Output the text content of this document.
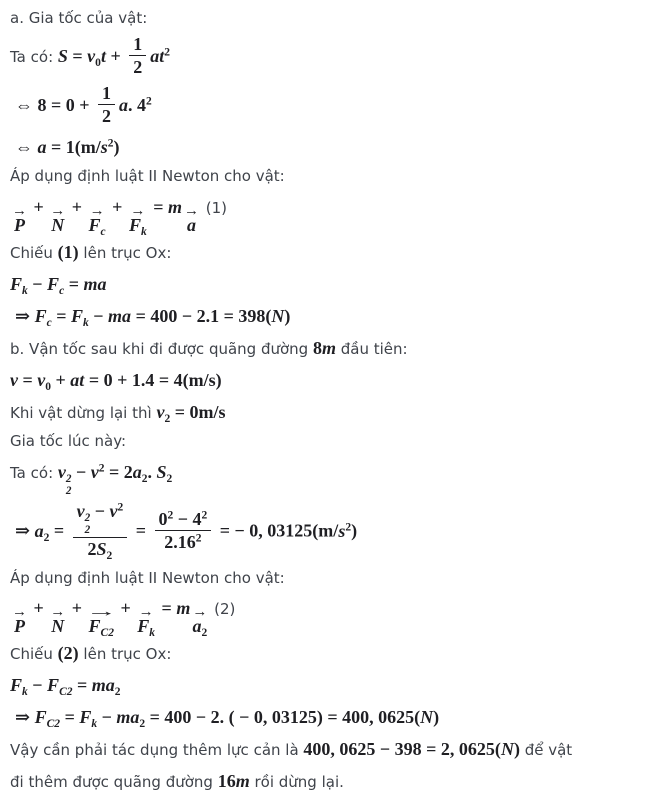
a. Gia tốc của vật:
Ta có: $S = v_0t + \frac{1}{2} at^2$
⇔ $8 = 0 + \frac{1}{2} a$. $4^2$
⇔ $a = 1(m/s^2)$
Áp dụng định luật II Newton cho vật:
→
P
+ →
N
+ →
$F_c$
+ →
$F_k$
= m →
a
(1)
Chiếu (1) lên trục Ox:
$F_k - F_c$ = ma
⇒ $F_c = F_k$ − ma = 400 − 2.1 = 398(N)
b. Vận tốc sau khi đi được quãng đường 8m đầu tiên:
$v = v_0$ + at = 0 + 1.4 = 4(m/s)
Khi vật dừng lại thì $v_2 = 0m/s$
Gia tốc lúc này:
Ta có: v 2
2
− $v^2 = 2a_2$. $S_2$
⇒ $a_2 = v$ 2
2
− $v^2$
$2S_2 = \frac{0^2 - 4^2}{2.16^2}$ = − 0, $03125(m/s^2)$
Áp dụng định luật II Newton cho vật:
→
P
+ →
N
+
→
$F_{C2}$
+ →
$F_k$
= m →
$a_2$
(2)
Chiếu (2) lên trục Ox:
$F_k - F_{C2} = ma_2$
⇒ $F_{C2} = F_k - ma_2 = 400 - 2$. ( − 0, 03125) = 400, 0625(N)
Vậy cần phải tác dụng thêm lực cản là 400, 0625 − 398 = 2, 0625(N) để vật
đi thêm được quãng đường 16m rồi dừng lại.
